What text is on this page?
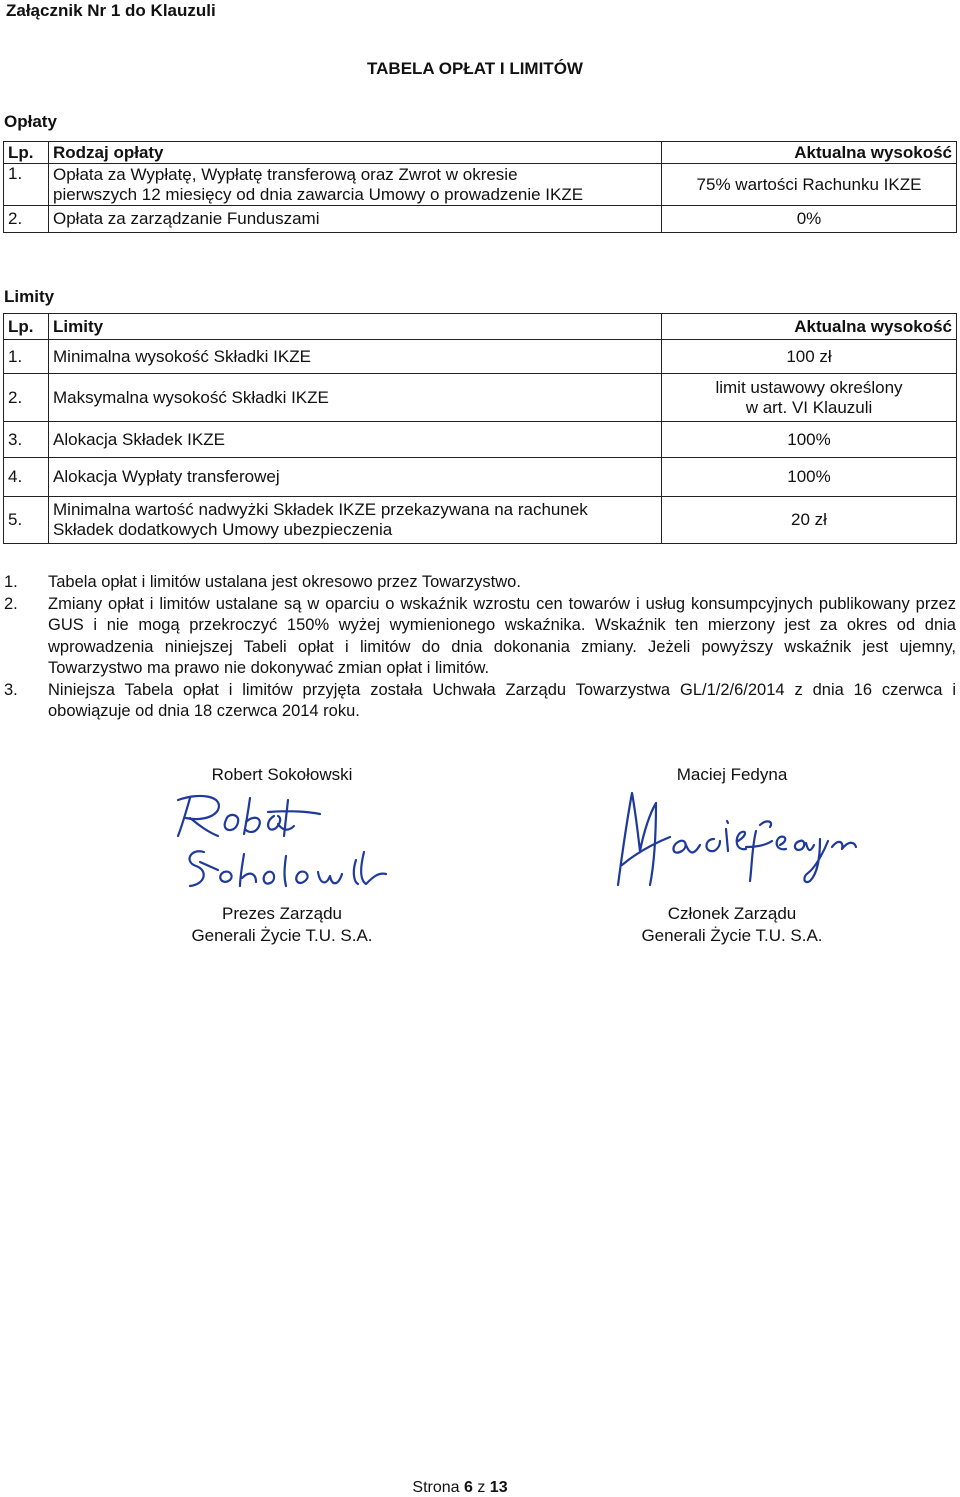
Załącznik Nr 1 do Klauzuli
TABELA OPŁAT I LIMITÓW
Opłaty
Lp.	Rodzaj opłaty	Aktualna wysokość
1.	Opłata za Wypłatę, Wypłatę transferową oraz Zwrot w okresie
pierwszych 12 miesięcy od dnia zawarcia Umowy o prowadzenie IKZE	75% wartości Rachunku IKZE
2.	Opłata za zarządzanie Funduszami	0%
Limity
Lp.	Limity	Aktualna wysokość
1.	Minimalna wysokość Składki IKZE	100 zł
2.	Maksymalna wysokość Składki IKZE	limit ustawowy określony
w art. VI Klauzuli

3.	Alokacja Składek IKZE	100%
4.	Alokacja Wypłaty transferowej	100%
5.	Minimalna wartość nadwyżki Składek IKZE przekazywana na rachunek
Składek dodatkowych Umowy ubezpieczenia	20 zł
1.	Tabela opłat i limitów ustalana jest okresowo przez Towarzystwo.
2.	Zmiany opłat i limitów ustalane są w oparciu o wskaźnik wzrostu cen towarów i usług konsumpcyjnych publikowany przez GUS i nie mogą przekroczyć 150% wyżej wymienionego wskaźnika. Wskaźnik ten mierzony jest za okres od dnia wprowadzenia niniejszej Tabeli opłat i limitów do dnia dokonania zmiany. Jeżeli powyższy wskaźnik jest ujemny, Towarzystwo ma prawo nie dokonywać zmian opłat i limitów.
3.	Niniejsza Tabela opłat i limitów przyjęta została Uchwała Zarządu Towarzystwa GL/1/2/6/2014 z dnia 16 czerwca i obowiązuje od dnia 18 czerwca 2014 roku.
Robert Sokołowski	Maciej Fedyna
Prezes Zarządu
Generali Życie T.U. S.A.
Członek Zarządu
Generali Życie T.U. S.A.
Strona 6 z 13
